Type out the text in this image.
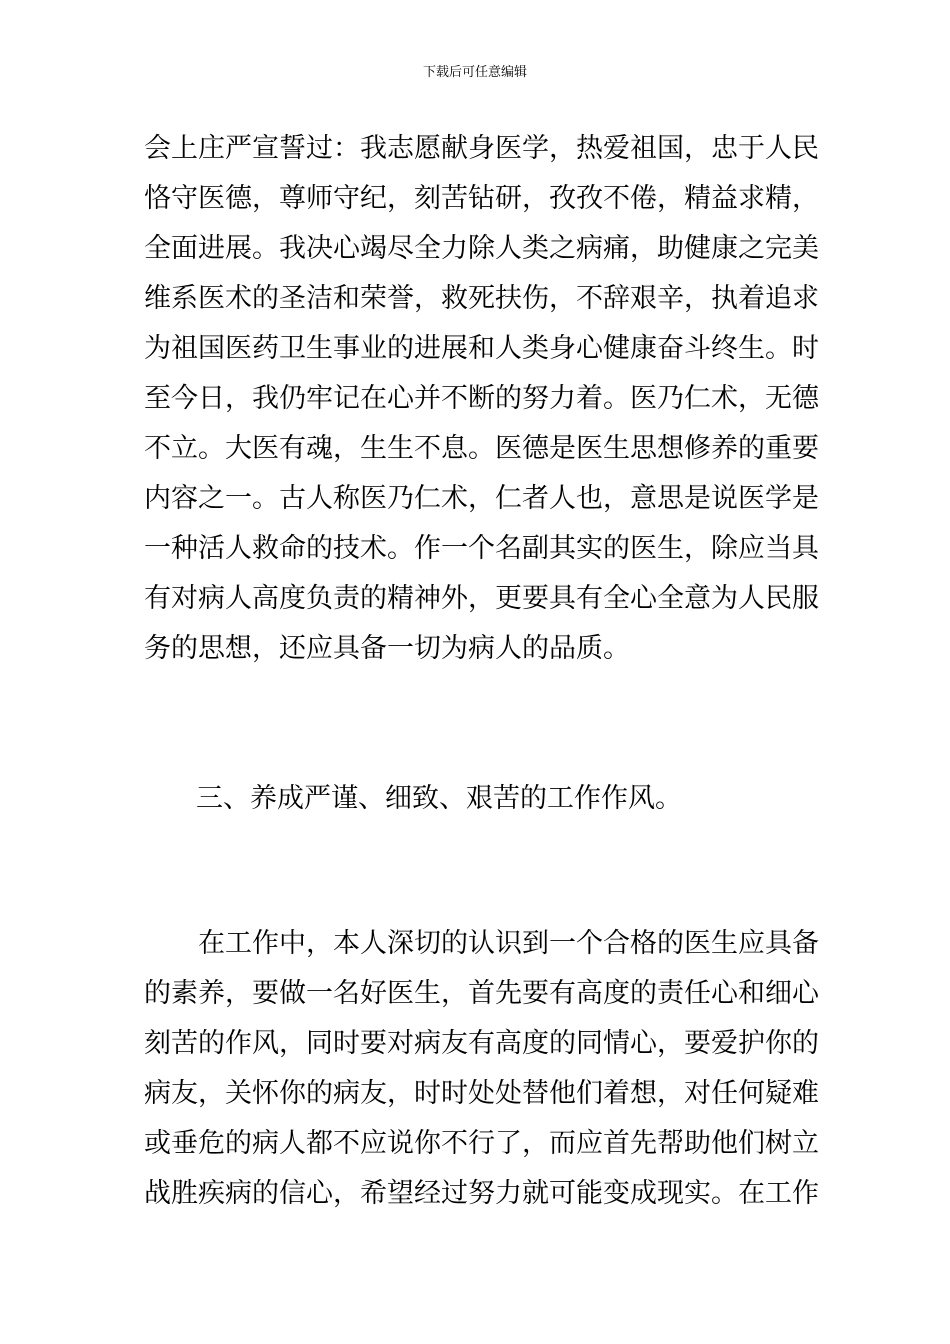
下载后可任意编辑
会上庄严宣誓过：我志愿献身医学，热爱祖国，忠于人民
恪守医德，尊师守纪，刻苦钻研，孜孜不倦，精益求精，
全面进展。我决心竭尽全力除人类之病痛，助健康之完美
维系医术的圣洁和荣誉，救死扶伤，不辞艰辛，执着追求
为祖国医药卫生事业的进展和人类身心健康奋斗终生。时
至今日，我仍牢记在心并不断的努力着。医乃仁术，无德
不立。大医有魂，生生不息。医德是医生思想修养的重要
内容之一。古人称医乃仁术，仁者人也，意思是说医学是
一种活人救命的技术。作一个名副其实的医生，除应当具
有对病人高度负责的精神外，更要具有全心全意为人民服
务的思想，还应具备一切为病人的品质。
三、养成严谨、细致、艰苦的工作作风。
在工作中，本人深切的认识到一个合格的医生应具备
的素养，要做一名好医生，首先要有高度的责任心和细心
刻苦的作风，同时要对病友有高度的同情心，要爱护你的
病友，关怀你的病友，时时处处替他们着想，对任何疑难
或垂危的病人都不应说你不行了，而应首先帮助他们树立
战胜疾病的信心，希望经过努力就可能变成现实。在工作
